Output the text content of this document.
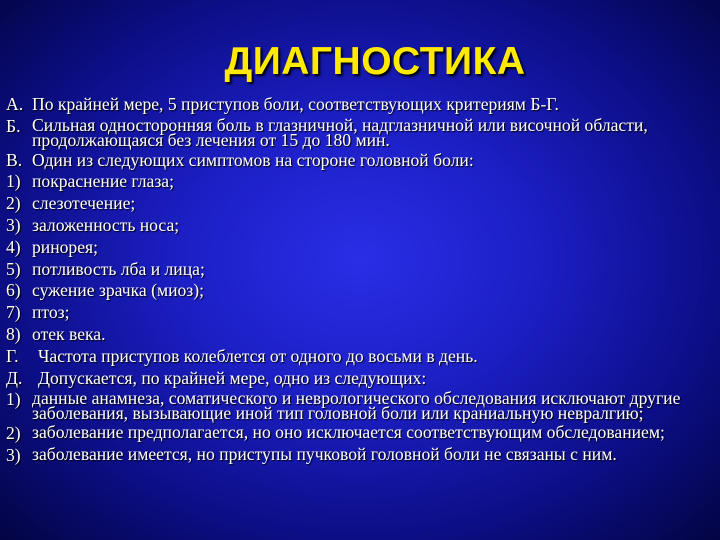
ДИАГНОСТИКА
А. По крайней мере, 5 приступов боли, соответствующих критериям Б-Г.
Б. Сильная односторонняя боль в глазничной, надглазничной или височной области, продолжающаяся без лечения от 15 до 180 мин.
В. Один из следующих симптомов на стороне головной боли:
1) покраснение глаза;
2) слезотечение;
3) заложенность носа;
4) ринорея;
5) потливость лба и лица;
6) сужение зрачка (миоз);
7) птоз;
8) отек века.
Г.	Частота приступов колеблется от одного до восьми в день.
Д. Допускается, по крайней мере, одно из следующих:
1) данные анамнеза, соматического и неврологического обследования исключают другие заболевания, вызывающие иной тип головной боли или краниальную невралгию;
2) заболевание предполагается, но оно исключается соответствующим обследованием;
3) заболевание имеется, но приступы пучковой головной боли не связаны с ним.
